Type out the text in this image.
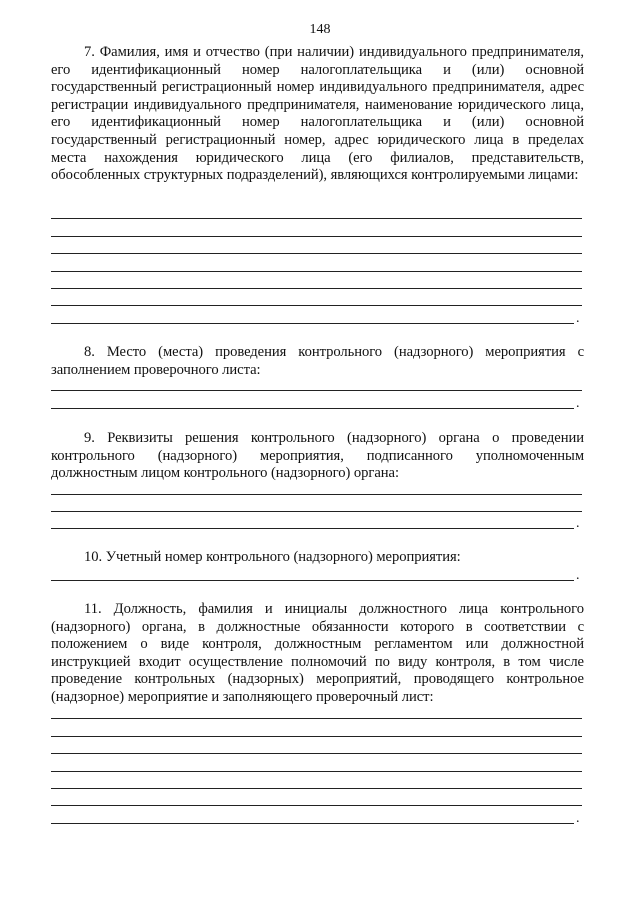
148

7. Фамилия, имя и отчество (при наличии) индивидуального предпринимателя, его идентификационный номер налогоплательщика и (или) основной государственный регистрационный номер индивидуального предпринимателя, адрес регистрации индивидуального предпринимателя, наименование юридического лица, его идентификационный номер налогоплательщика и (или) основной государственный регистрационный номер, адрес юридического лица в пределах места нахождения юридического лица (его филиалов, представительств, обособленных структурных подразделений), являющихся контролируемыми лицами:

.

8. Место (места) проведения контрольного (надзорного) мероприятия с заполнением проверочного листа:

.

9. Реквизиты решения контрольного (надзорного) органа о проведении контрольного (надзорного) мероприятия, подписанного уполномоченным должностным лицом контрольного (надзорного) органа:

.

10. Учетный номер контрольного (надзорного) мероприятия:

.

11. Должность, фамилия и инициалы должностного лица контрольного (надзорного) органа, в должностные обязанности которого в соответствии с положением о виде контроля, должностным регламентом или должностной инструкцией входит осуществление полномочий по виду контроля, в том числе проведение контрольных (надзорных) мероприятий, проводящего контрольное (надзорное) мероприятие и заполняющего проверочный лист:

.
